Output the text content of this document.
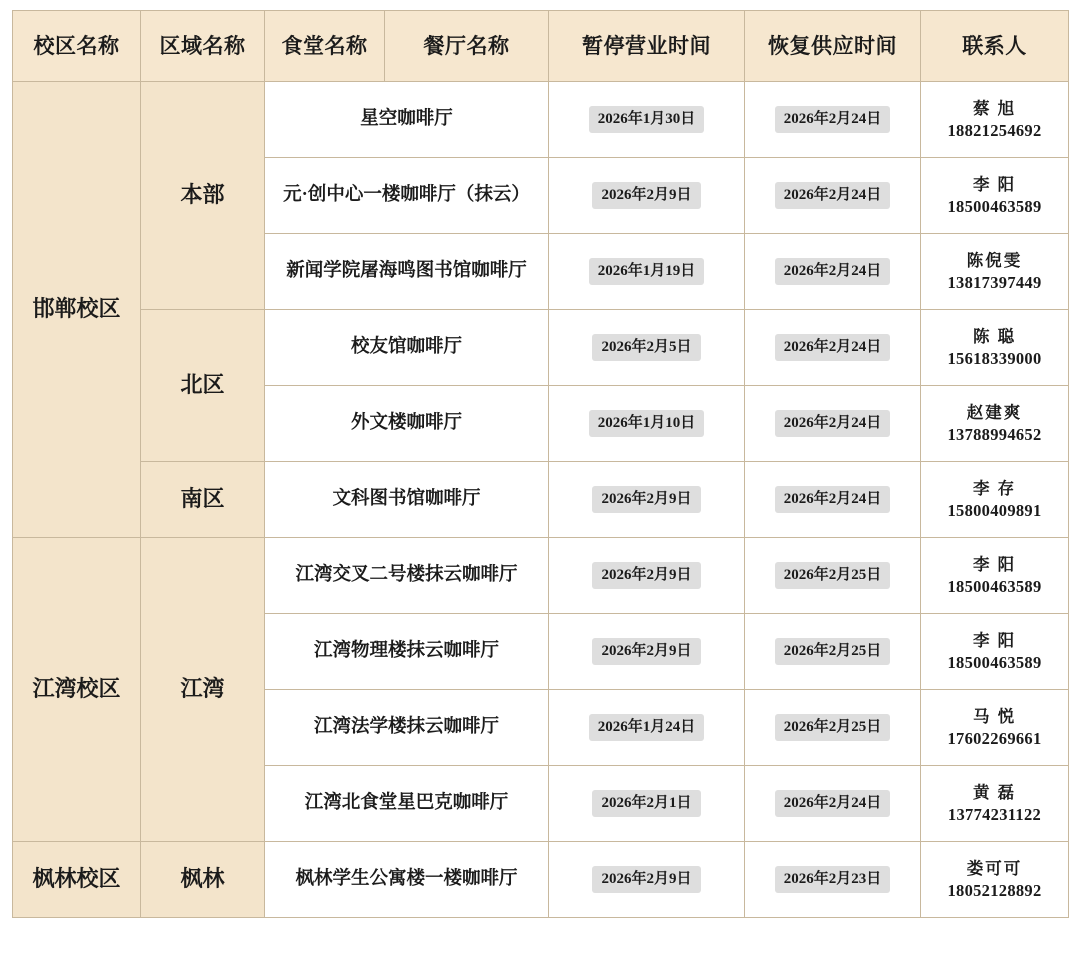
校区名称	区域名称	食堂名称	餐厅名称	暂停营业时间	恢复供应时间	联系人
邯郸校区	本部	星空咖啡厅		2026年1月30日	2026年2月24日	蔡 旭
18821254692

		元·创中心一楼咖啡厅（抹云）		2026年2月9日	2026年2月24日	李 阳
18500463589

		新闻学院屠海鸣图书馆咖啡厅		2026年1月19日	2026年2月24日	陈倪雯
13817397449

	北区	校友馆咖啡厅		2026年2月5日	2026年2月24日	陈 聪
15618339000

		外文楼咖啡厅		2026年1月10日	2026年2月24日	赵建爽
13788994652

	南区	文科图书馆咖啡厅		2026年2月9日	2026年2月24日	李 存
15800409891

江湾校区	江湾	江湾交叉二号楼抹云咖啡厅		2026年2月9日	2026年2月25日	李 阳
18500463589

		江湾物理楼抹云咖啡厅		2026年2月9日	2026年2月25日	李 阳
18500463589

		江湾法学楼抹云咖啡厅		2026年1月24日	2026年2月25日	马 悦
17602269661

		江湾北食堂星巴克咖啡厅		2026年2月1日	2026年2月24日	黄 磊
13774231122

枫林校区	枫林	枫林学生公寓楼一楼咖啡厅		2026年2月9日	2026年2月23日	娄可可
18052128892
